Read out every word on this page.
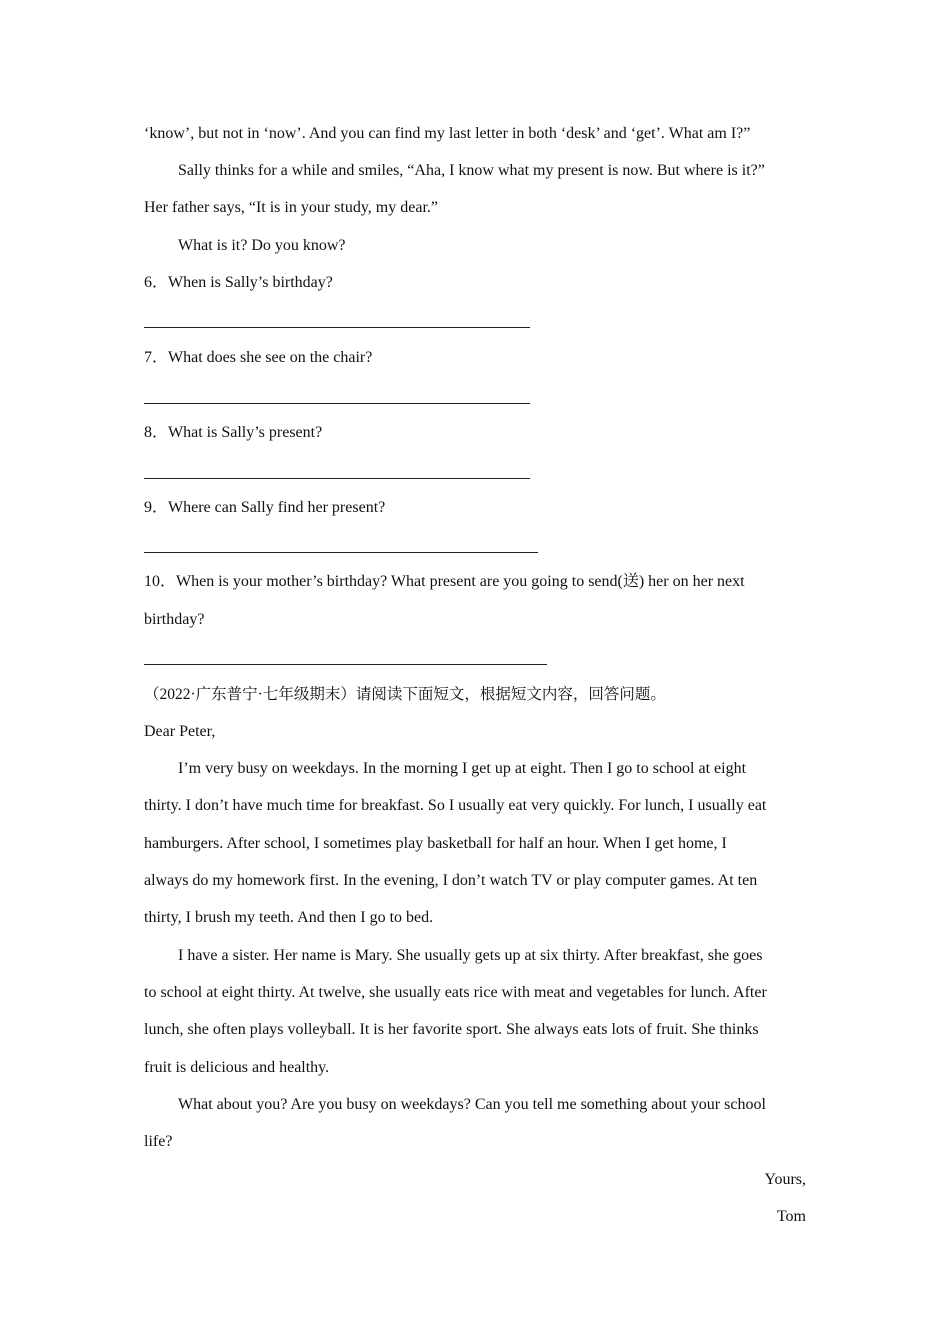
‘know’, but not in ‘now’. And you can find my last letter in both ‘desk’ and ‘get’. What am I?”
Sally thinks for a while and smiles, “Aha, I know what my present is now. But where is it?”
Her father says, “It is in your study, my dear.”
What is it? Do you know?
6．When is Sally’s birthday?
7．What does she see on the chair?
8．What is Sally’s present?
9．Where can Sally find her present?
10．When is your mother’s birthday? What present are you going to send(送) her on her next
birthday?
（2022·广东普宁·七年级期末）请阅读下面短文，根据短文内容，回答问题。
Dear Peter,
I’m very busy on weekdays. In the morning I get up at eight. Then I go to school at eight
thirty. I don’t have much time for breakfast. So I usually eat very quickly. For lunch, I usually eat
hamburgers. After school, I sometimes play basketball for half an hour. When I get home, I
always do my homework first. In the evening, I don’t watch TV or play computer games. At ten
thirty, I brush my teeth. And then I go to bed.
I have a sister. Her name is Mary. She usually gets up at six thirty. After breakfast, she goes
to school at eight thirty. At twelve, she usually eats rice with meat and vegetables for lunch. After
lunch, she often plays volleyball. It is her favorite sport. She always eats lots of fruit. She thinks
fruit is delicious and healthy.
What about you? Are you busy on weekdays? Can you tell me something about your school
life?
Yours,
Tom
